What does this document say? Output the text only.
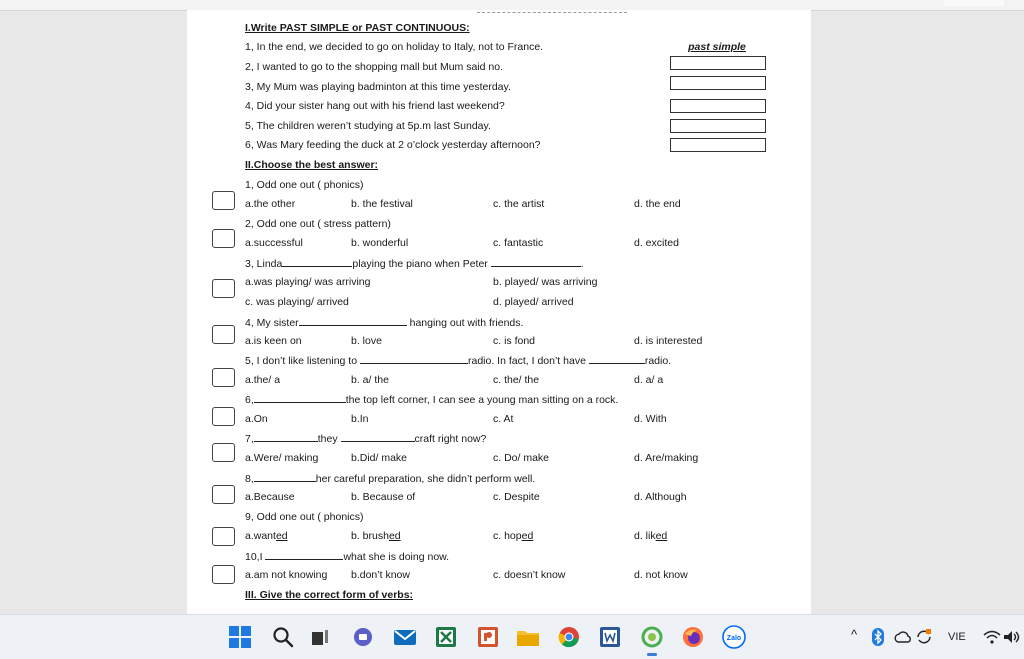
I.Write PAST SIMPLE or PAST CONTINUOUS:
past simple
1, In the end, we decided to go on holiday to Italy, not to France.
2, I wanted to go to the shopping mall but Mum said no.
3, My Mum was playing badminton at this time yesterday.
4, Did your sister hang out with his friend last weekend?
5, The children weren’t studying at 5p.m last Sunday.
6, Was Mary feeding the duck at 2 o’clock yesterday afternoon?
II.Choose the best answer:
1, Odd one out ( phonics)
a.the other	b. the festival	c. the artist	d. the end
2, Odd one out ( stress pattern)
a.successful	b. wonderful	c. fantastic	d. excited
3, Linda	playing the piano when Peter	.
a.was playing/ was arriving	b. played/ was arriving
c. was playing/ arrived	d. played/ arrived
4, My sister	hanging out with friends.
a.is keen on	b. love	c. is fond	d. is interested
5, I don’t like listening to	radio. In fact, I don’t have	radio.
a.the/ a	b. a/ the	c. the/ the	d. a/ a
6,	the top left corner, I can see a young man sitting on a rock.
a.On	b.In	c. At	d. With
7,	they	craft right now?
a.Were/ making	b.Did/ make	c. Do/ make	d. Are/making
8,	her careful preparation, she didn’t perform well.
a.Because	b. Because of	c. Despite	d. Although
9, Odd one out ( phonics)
a.wanted	b. brushed	c. hoped	d. liked
10,I	what she is doing now.
a.am not knowing b.don’t know	c. doesn’t know	d. not know
III. Give the correct form of verbs:
Zalo	^	VIE
